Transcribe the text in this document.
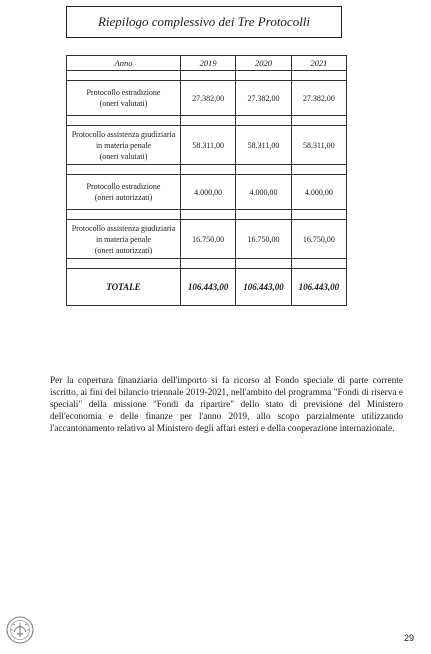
Riepilogo complessivo dei Tre Protocolli
Anno	2019	2020	2021

Protocollo estradizione
(oneri valutati)	27.382,00	27.382,00	27.382,00

Protocollo assistenza giudiziaria
in materia penale
(oneri valutati)	58.311,00	58.311,00	58.311,00

Protocollo estradizione
(oneri autorizzati)	4.000,00	4.000,00	4.000,00

Protocollo assistenza giudiziaria
in materia penale
(oneri autorizzati)	16.750,00	16.750,00	16.750,00

TOTALE	106.443,00	106.443,00	106.443,00

Per la copertura finanziaria dell'importo si fa ricorso al Fondo speciale di parte corrente iscritto, ai fini del bilancio triennale 2019-2021, nell'ambito del programma "Fondi di riserva e speciali" della missione "Fondi da ripartire" dello stato di previsione del Ministero dell'economia e delle finanze per l'anno 2019, allo scopo parzialmente utilizzando l'accantonamento relativo al Ministero degli affari esteri e della cooperazione internazionale.

29
